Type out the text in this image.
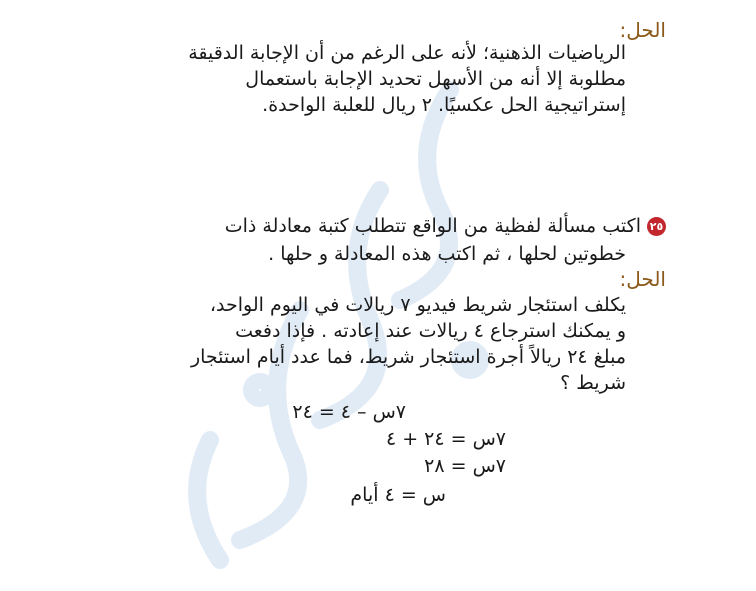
الحل:
الرياضيات الذهنية؛ لأنه على الرغم من أن الإجابة الدقيقة
مطلوبة إلا أنه من الأسهل تحديد الإجابة باستعمال
إستراتيجية الحل عكسيًا. ٢ ريال للعلبة الواحدة.
٢٥
اكتب مسألة لفظية من الواقع تتطلب كتبة معادلة ذات
خطوتين لحلها ، ثم اكتب هذه المعادلة و حلها .
الحل:
يكلف استئجار شريط فيديو ٧ ريالات في اليوم الواحد،
و يمكنك استرجاع ٤ ريالات عند إعادته . فإذا دفعت
مبلغ ٢٤ ريالاً أجرة استئجار شريط، فما عدد أيام استئجار
شريط ؟
٧س – ٤ = ٢٤
٧س = ٢٤ + ٤
٧س = ٢٨
س = ٤ أيام
